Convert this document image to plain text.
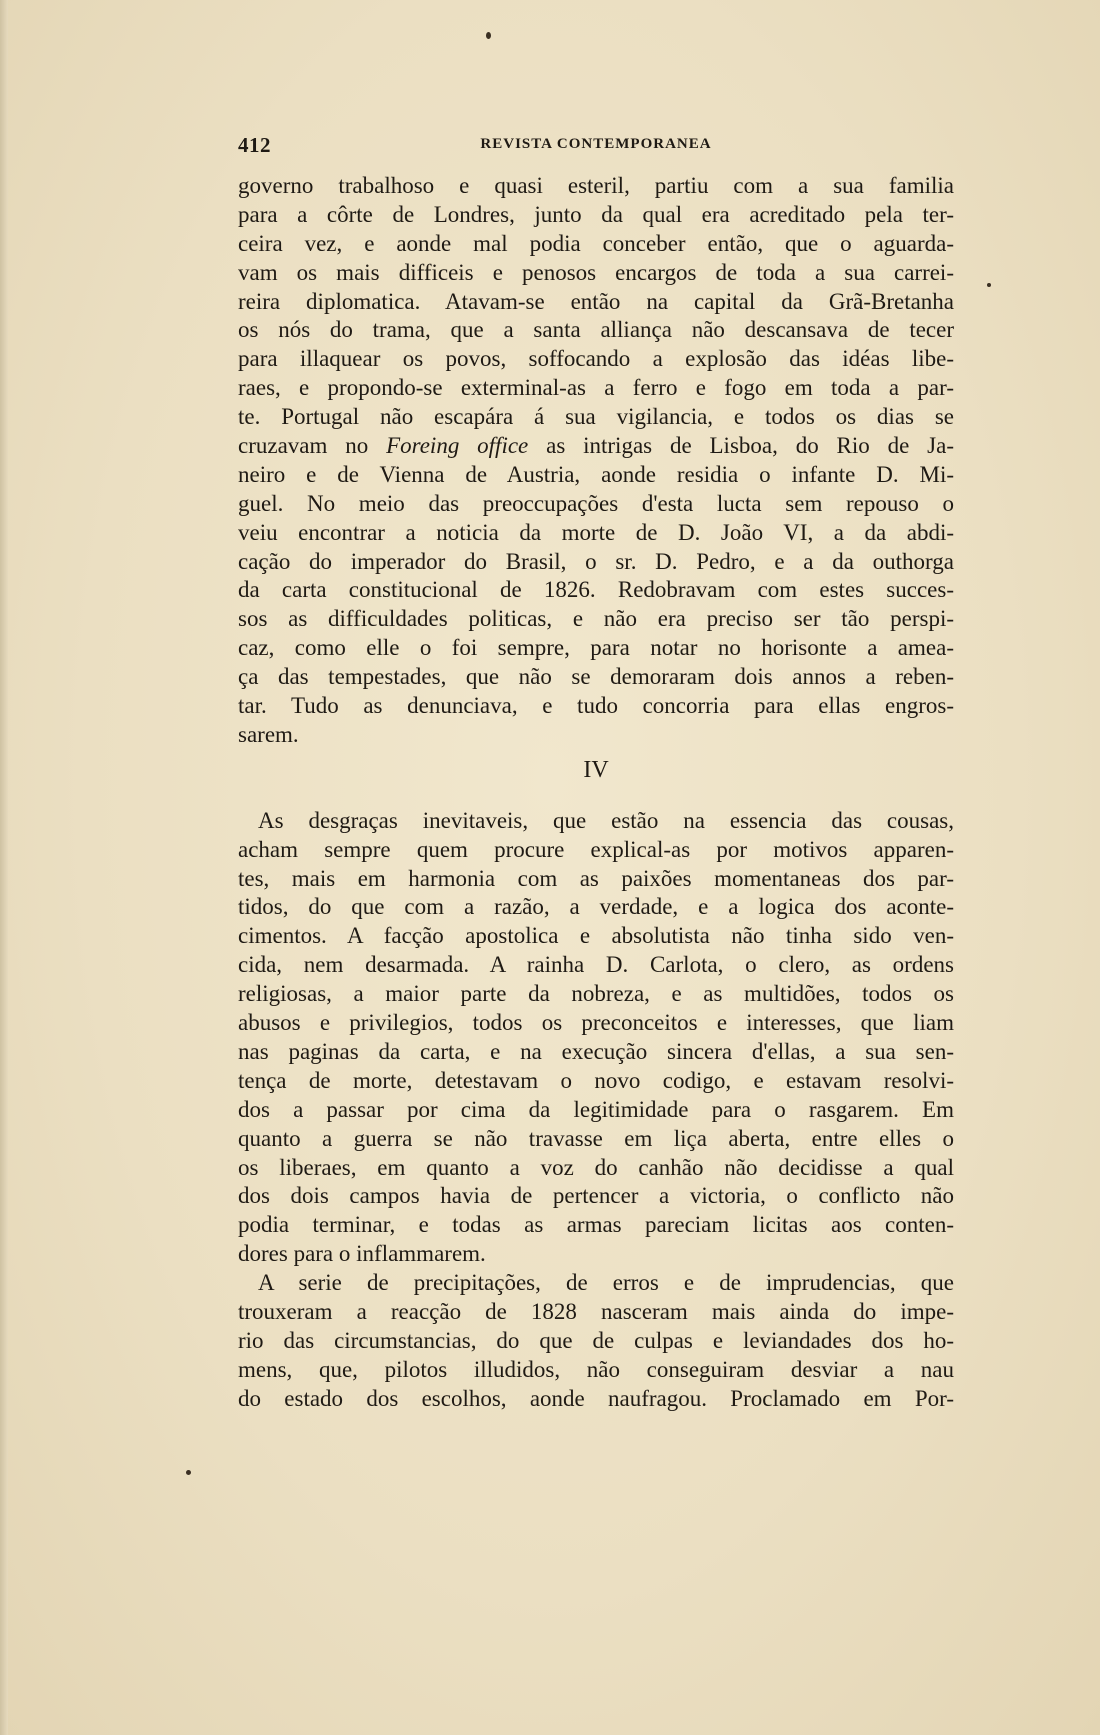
412	REVISTA CONTEMPORANEA
governo trabalhoso e quasi esteril, partiu com a sua familia
para a côrte de Londres, junto da qual era acreditado pela ter-
ceira vez, e aonde mal podia conceber então, que o aguarda-
vam os mais difficeis e penosos encargos de toda a sua carrei-
reira diplomatica. Atavam-se então na capital da Grã-Bretanha
os nós do trama, que a santa alliança não descansava de tecer
para illaquear os povos, soffocando a explosão das idéas libe-
raes, e propondo-se exterminal-as a ferro e fogo em toda a par-
te. Portugal não escapára á sua vigilancia, e todos os dias se
cruzavam no Foreing office as intrigas de Lisboa, do Rio de Ja-
neiro e de Vienna de Austria, aonde residia o infante D. Mi-
guel. No meio das preoccupações d'esta lucta sem repouso o
veiu encontrar a noticia da morte de D. João VI, a da abdi-
cação do imperador do Brasil, o sr. D. Pedro, e a da outhorga
da carta constitucional de 1826. Redobravam com estes succes-
sos as difficuldades politicas, e não era preciso ser tão perspi-
caz, como elle o foi sempre, para notar no horisonte a amea-
ça das tempestades, que não se demoraram dois annos a reben-
tar. Tudo as denunciava, e tudo concorria para ellas engros-
sarem.
IV
As desgraças inevitaveis, que estão na essencia das cousas,
acham sempre quem procure explical-as por motivos apparen-
tes, mais em harmonia com as paixões momentaneas dos par-
tidos, do que com a razão, a verdade, e a logica dos aconte-
cimentos. A facção apostolica e absolutista não tinha sido ven-
cida, nem desarmada. A rainha D. Carlota, o clero, as ordens
religiosas, a maior parte da nobreza, e as multidões, todos os
abusos e privilegios, todos os preconceitos e interesses, que liam
nas paginas da carta, e na execução sincera d'ellas, a sua sen-
tença de morte, detestavam o novo codigo, e estavam resolvi-
dos a passar por cima da legitimidade para o rasgarem. Em
quanto a guerra se não travasse em liça aberta, entre elles o
os liberaes, em quanto a voz do canhão não decidisse a qual
dos dois campos havia de pertencer a victoria, o conflicto não
podia terminar, e todas as armas pareciam licitas aos conten-
dores para o inflammarem.
A serie de precipitações, de erros e de imprudencias, que
trouxeram a reacção de 1828 nasceram mais ainda do impe-
rio das circumstancias, do que de culpas e leviandades dos ho-
mens, que, pilotos illudidos, não conseguiram desviar a nau
do estado dos escolhos, aonde naufragou. Proclamado em Por-
